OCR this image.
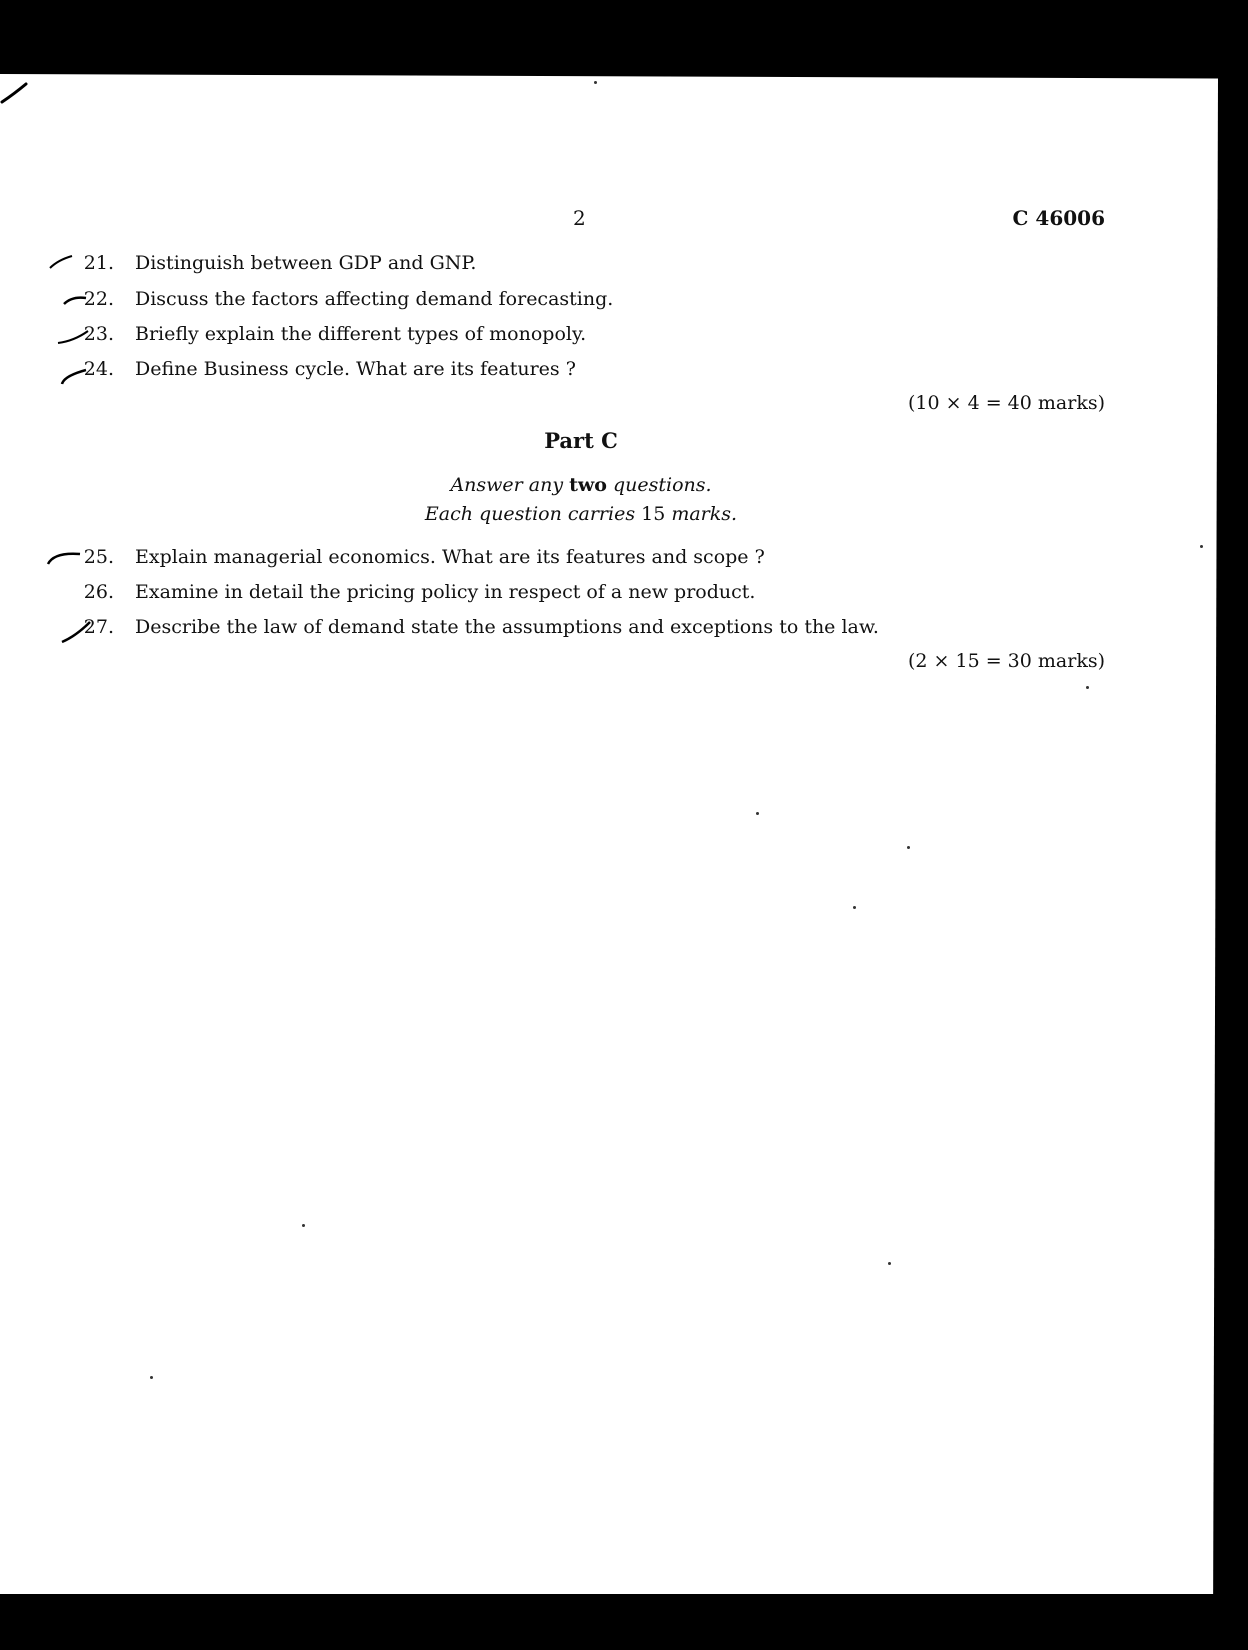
2	C 46006
21. Distinguish between GDP and GNP.
22. Discuss the factors affecting demand forecasting.
23. Briefly explain the different types of monopoly.
24. Define Business cycle. What are its features ?
(10 × 4 = 40 marks)
Part C
Answer any two questions.
Each question carries 15 marks.
25. Explain managerial economics. What are its features and scope ?
26. Examine in detail the pricing policy in respect of a new product.
27. Describe the law of demand state the assumptions and exceptions to the law.
(2 × 15 = 30 marks)
